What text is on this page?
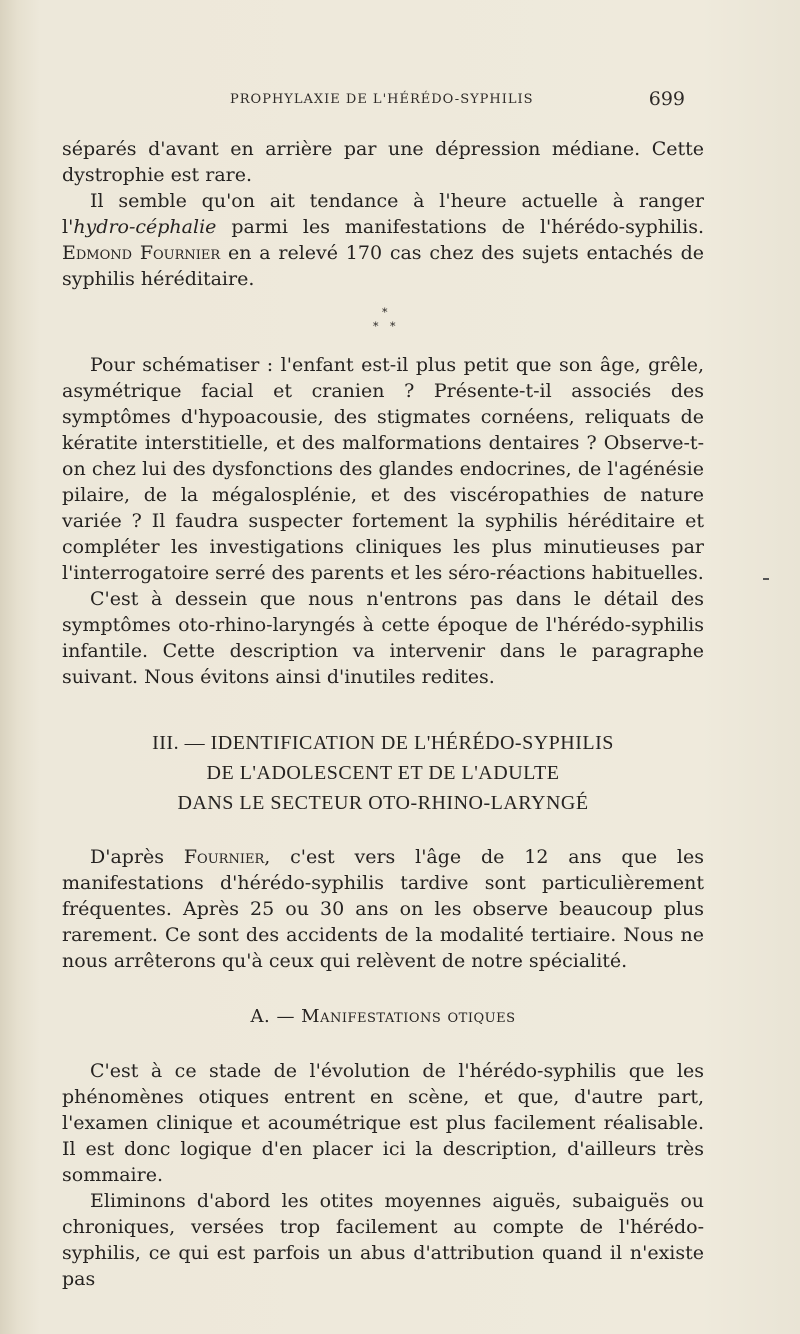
PROPHYLAXIE DE L'HÉRÉDO-SYPHILIS	699

séparés d'avant en arrière par une dépression médiane. Cette dystrophie est rare.

Il semble qu'on ait tendance à l'heure actuelle à ranger l'hydro-céphalie parmi les manifestations de l'hérédo-syphilis. Edmond Fournier en a relevé 170 cas chez des sujets entachés de syphilis héréditaire.

*
* *

Pour schématiser : l'enfant est-il plus petit que son âge, grêle, asymétrique facial et cranien ? Présente-t-il associés des symptômes d'hypoacousie, des stigmates cornéens, reliquats de kératite interstitielle, et des malformations dentaires ? Observe-t-on chez lui des dysfonctions des glandes endocrines, de l'agénésie pilaire, de la mégalosplénie, et des viscéropathies de nature variée ? Il faudra suspecter fortement la syphilis héréditaire et compléter les investigations cliniques les plus minutieuses par l'interrogatoire serré des parents et les séro-réactions habituelles.

C'est à dessein que nous n'entrons pas dans le détail des symptômes oto-rhino-laryngés à cette époque de l'hérédo-syphilis infantile. Cette description va intervenir dans le paragraphe suivant. Nous évitons ainsi d'inutiles redites.

III. — IDENTIFICATION DE L'HÉRÉDO-SYPHILIS
DE L'ADOLESCENT ET DE L'ADULTE
DANS LE SECTEUR OTO-RHINO-LARYNGÉ

D'après Fournier, c'est vers l'âge de 12 ans que les manifestations d'hérédo-syphilis tardive sont particulièrement fréquentes. Après 25 ou 30 ans on les observe beaucoup plus rarement. Ce sont des accidents de la modalité tertiaire. Nous ne nous arrêterons qu'à ceux qui relèvent de notre spécialité.

A. — Manifestations otiques

C'est à ce stade de l'évolution de l'hérédo-syphilis que les phénomènes otiques entrent en scène, et que, d'autre part, l'examen clinique et acoumétrique est plus facilement réalisable. Il est donc logique d'en placer ici la description, d'ailleurs très sommaire.

Eliminons d'abord les otites moyennes aiguës, subaiguës ou chroniques, versées trop facilement au compte de l'hérédo-syphilis, ce qui est parfois un abus d'attribution quand il n'existe pas
